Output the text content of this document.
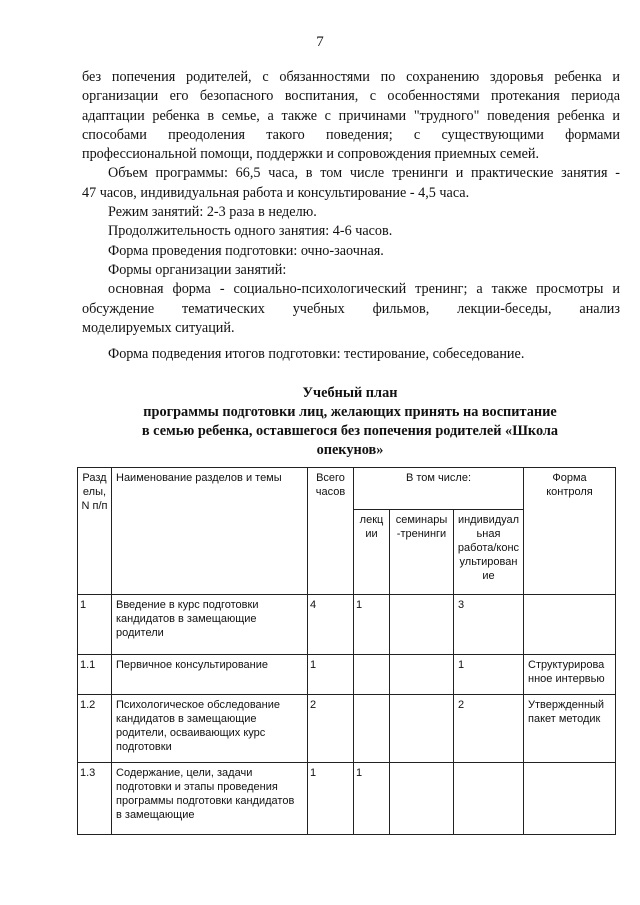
7

без попечения родителей, с обязанностями по сохранению здоровья ребенка и

организации его безопасного воспитания, с особенностями протекания периода

адаптации ребенка в семье, а также с причинами "трудного" поведения ребенка и

способами преодоления такого поведения; с существующими формами

профессиональной помощи, поддержки и сопровождения приемных семей.

Объем программы: 66,5 часа, в том числе тренинги и практические занятия -

47 часов, индивидуальная работа и консультирование - 4,5 часа.

Режим занятий: 2-3 раза в неделю.

Продолжительность одного занятия: 4-6 часов.

Форма проведения подготовки: очно-заочная.

Формы организации занятий:

основная форма - социально-психологический тренинг; а также просмотры и

обсуждение тематических учебных фильмов, лекции-беседы, анализ

моделируемых ситуаций.

Форма подведения итогов подготовки: тестирование, собеседование.

Учебный план
программы подготовки лиц, желающих принять на воспитание
в семью ребенка, оставшегося без попечения родителей «Школа
опекунов»
Разд елы, N п/п	Наименование разделов и темы	Всего часов	В том числе:			Форма контроля
			лекц ии	семинары -тренинги	индивидуал ьная работа/конс ультирован ие	
1	Введение в курс подготовки кандидатов в замещающие родители	4	1		3	
1.1	Первичное консультирование	1			1	Структурирова нное интервью
1.2	Психологическое обследование кандидатов в замещающие родители, осваивающих курс подготовки	2			2	Утвержденный пакет методик
1.3	Содержание, цели, задачи подготовки и этапы проведения программы подготовки кандидатов в замещающие	1	1			
